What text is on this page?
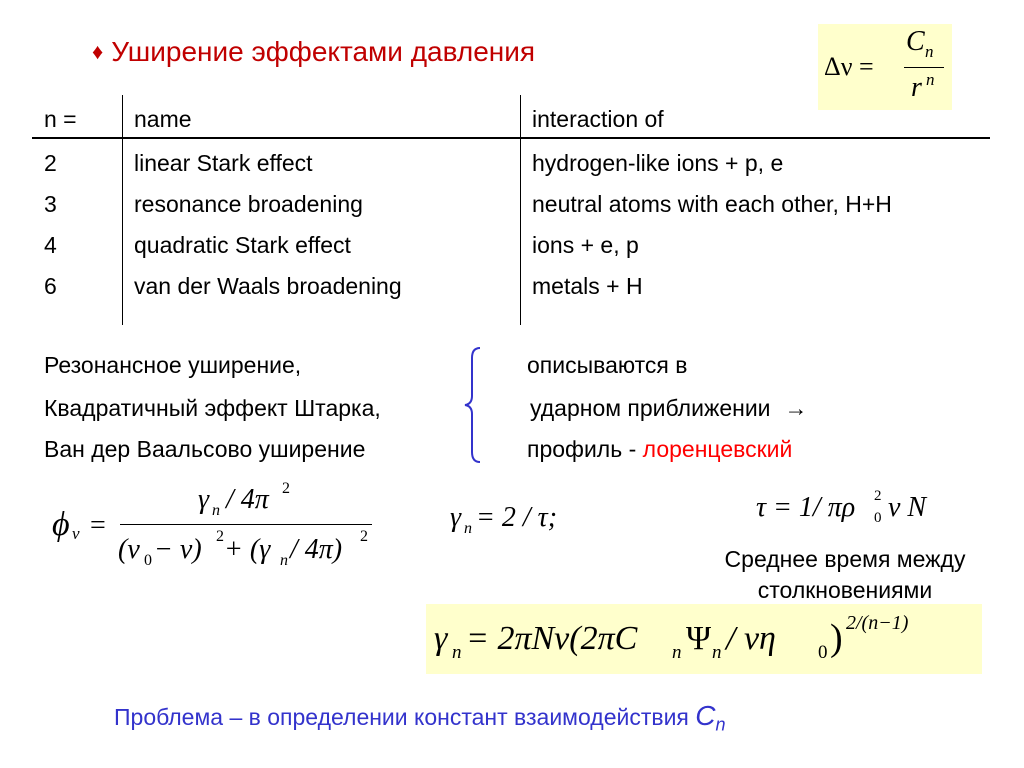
♦ Уширение эффектами давления	Δν =
C n
r n
n = name	interaction of
2	linear Stark effect	hydrogen-like ions + p, e
3	resonance broadening	neutral atoms with each other, H+H
4	quadratic Stark effect	ions + e, p
6	van der Waals broadening	metals + H
Резонансное уширение,
Квадратичный эффект Штарка,
Ван дер Ваальсово уширение
описываются в
ударном приближении →
профиль - лоренцевский
ϕ ν =
γ n / 4π 2
(ν 0 − ν) 2 + (γ n / 4π) 2
γ n = 2 / τ;	τ = 1/ πρ 2
0 v N
Среднее время между
столкновениями
γ n = 2πNv(2πC n Ψ n / vη 0 ) 2/(n−1)
Проблема – в определении констант взаимодействия $C_n$
